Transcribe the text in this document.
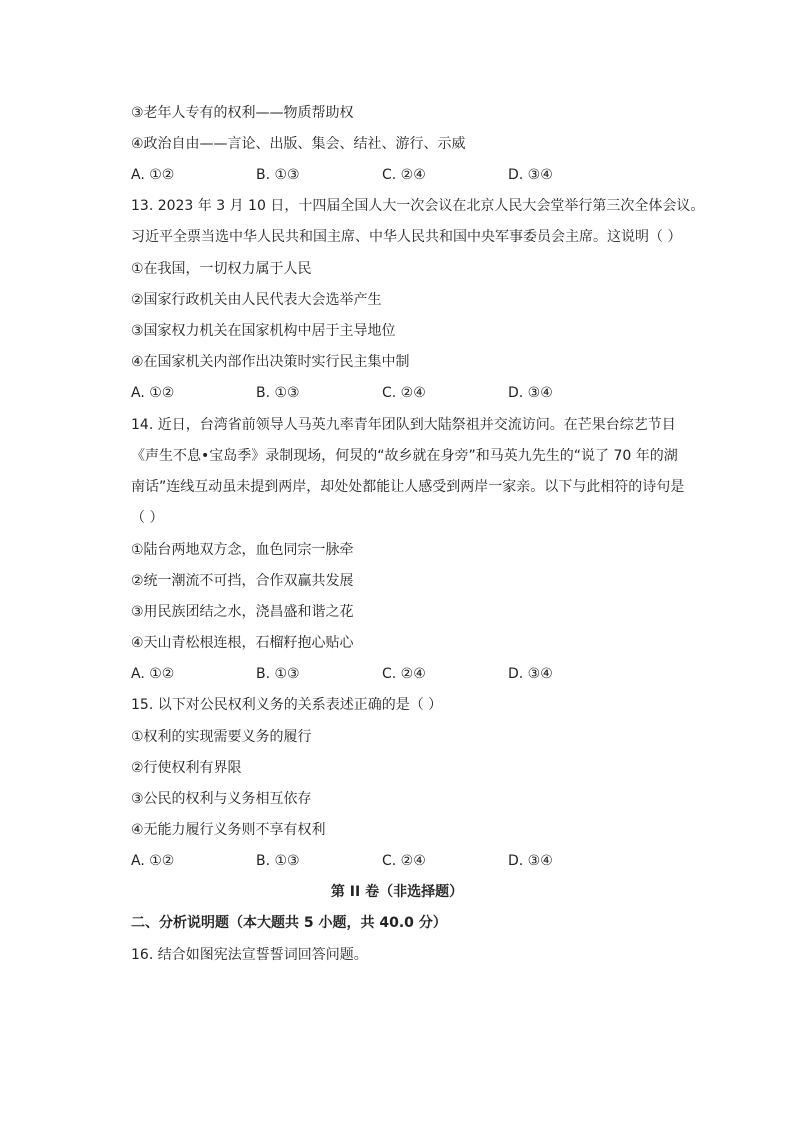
③老年人专有的权利——物质帮助权
④政治自由——言论、出版、集会、结社、游行、示威
A. ①②	B. ①③	C. ②④	D. ③④
13. 2023 年 3 月 10 日，十四届全国人大一次会议在北京人民大会堂举行第三次全体会议。
习近平全票当选中华人民共和国主席、中华人民共和国中央军事委员会主席。这说明（ ）
①在我国，一切权力属于人民
②国家行政机关由人民代表大会选举产生
③国家权力机关在国家机构中居于主导地位
④在国家机关内部作出决策时实行民主集中制
A. ①②	B. ①③	C. ②④	D. ③④
14. 近日，台湾省前领导人马英九率青年团队到大陆祭祖并交流访问。在芒果台综艺节目
《声生不息•宝岛季》录制现场，何炅的“故乡就在身旁”和马英九先生的“说了 70 年的湖
南话”连线互动虽未提到两岸，却处处都能让人感受到两岸一家亲。以下与此相符的诗句是
（ ）
①陆台两地双方念，血色同宗一脉牵
②统一潮流不可挡，合作双赢共发展
③用民族团结之水，浇昌盛和谐之花
④天山青松根连根，石榴籽抱心贴心
A. ①②	B. ①③	C. ②④	D. ③④
15. 以下对公民权利义务的关系表述正确的是（ ）
①权利的实现需要义务的履行
②行使权利有界限
③公民的权利与义务相互依存
④无能力履行义务则不享有权利
A. ①②	B. ①③	C. ②④	D. ③④
第 II 卷（非选择题）
二、分析说明题（本大题共 5 小题，共 40.0 分）
16. 结合如图宪法宣誓誓词回答问题。
